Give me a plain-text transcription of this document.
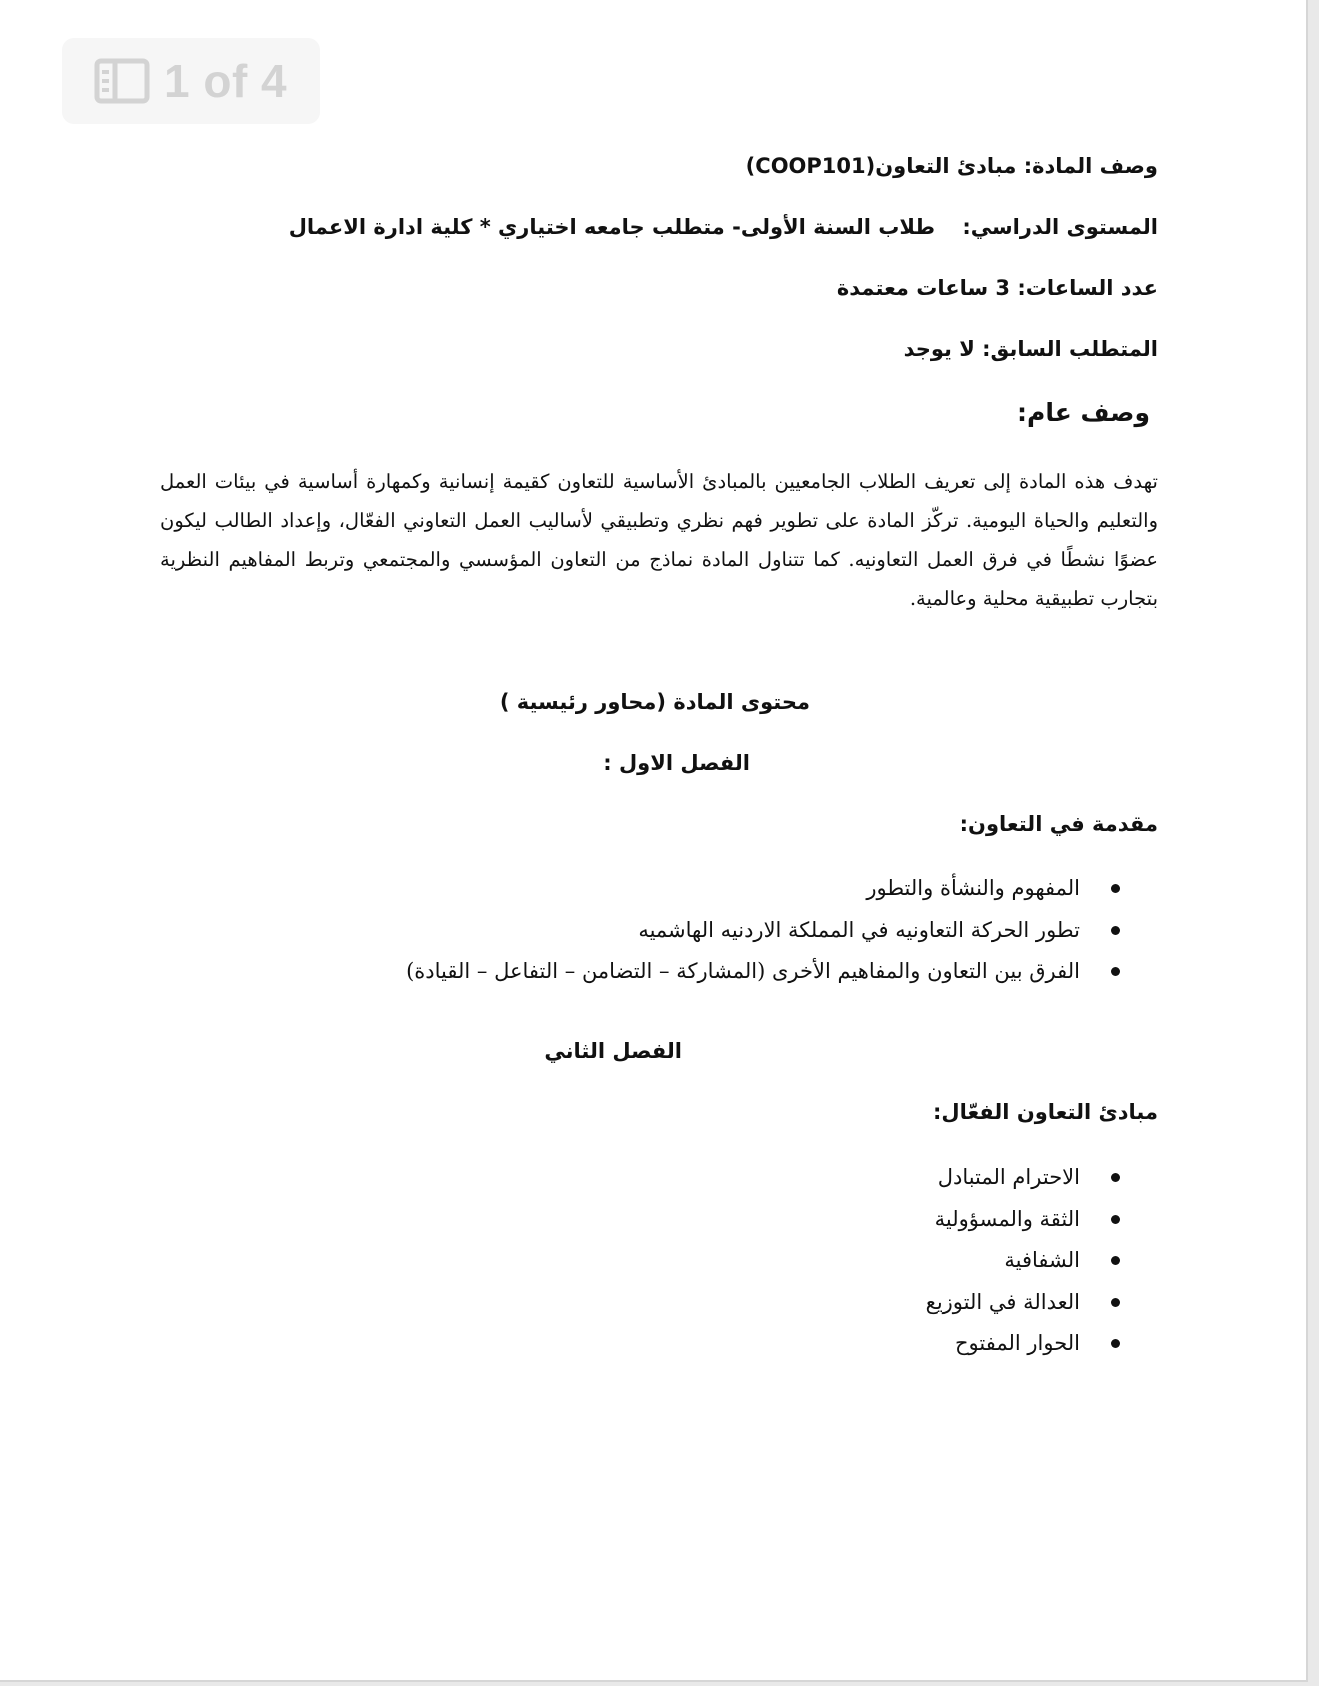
1 of 4
وصف المادة: مبادئ التعاون(COOP101)
المستوى الدراسي: طلاب السنة الأولى- متطلب جامعه اختياري * كلية ادارة الاعمال
عدد الساعات: 3 ساعات معتمدة
المتطلب السابق: لا يوجد
وصف عام:
تهدف هذه المادة إلى تعريف الطلاب الجامعيين بالمبادئ الأساسية للتعاون كقيمة إنسانية وكمهارة أساسية في بيئات العمل والتعليم والحياة اليومية. تركّز المادة على تطوير فهم نظري وتطبيقي لأساليب العمل التعاوني الفعّال، وإعداد الطالب ليكون عضوًا نشطًا في فرق العمل التعاونيه. كما تتناول المادة نماذج من التعاون المؤسسي والمجتمعي وتربط المفاهيم النظرية بتجارب تطبيقية محلية وعالمية.
محتوى المادة (محاور رئيسية )
الفصل الاول :
مقدمة في التعاون:
المفهوم والنشأة والتطور
تطور الحركة التعاونيه في المملكة الاردنيه الهاشميه
الفرق بين التعاون والمفاهيم الأخرى (المشاركة – التضامن – التفاعل – القيادة)
الفصل الثاني
مبادئ التعاون الفعّال:
الاحترام المتبادل
الثقة والمسؤولية
الشفافية
العدالة في التوزيع
الحوار المفتوح
